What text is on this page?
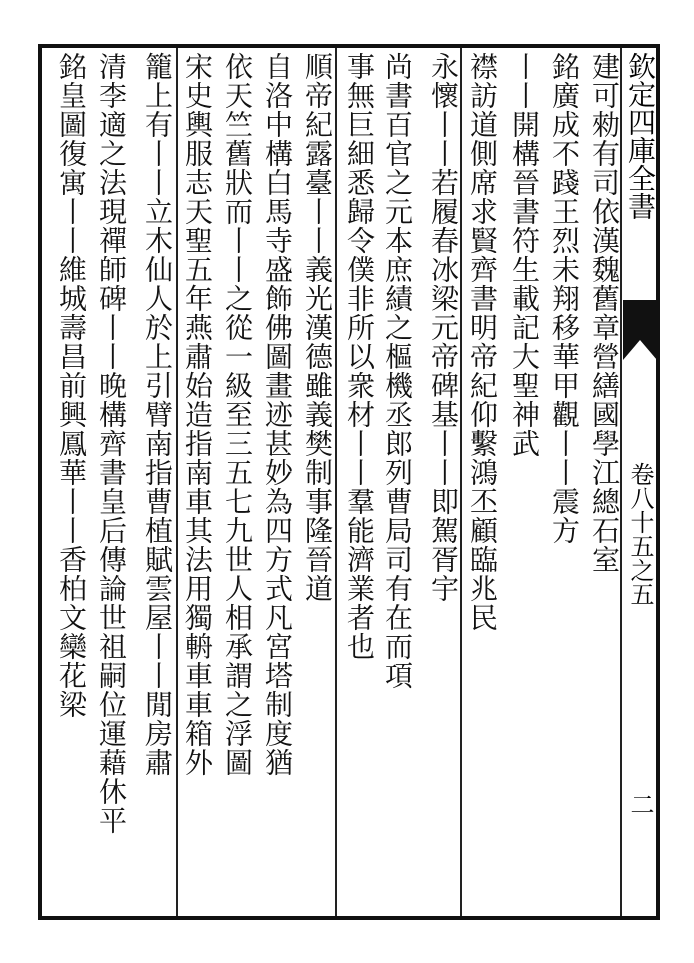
欽定四庫全書
卷八十五之五
二
建可勑有司依漢魏舊章營繕國學江總石室
銘廣成不踐王烈未翔移華甲觀丨丨震方
丨丨開構晉書符生載記大聖神武
襟訪道側席求賢齊書明帝紀仰繫鴻丕顧臨兆民
永懷丨丨若履春冰梁元帝碑基丨丨即駕胥宇
尚書百官之元本庶績之樞機丞郎列曹局司有在而項
事無巨細悉歸令僕非所以衆材丨丨羣能濟業者也
順帝紀露臺丨丨義光漢德雖義樊制事隆晉道
自洛中構白馬寺盛飾佛圖畫迹甚妙為四方式凡宮塔制度猶
依天竺舊狀而丨丨之從一級至三五七九世人相承謂之浮圖
宋史輿服志天聖五年燕肅始造指南車其法用獨輈車車箱外
籠上有丨丨立木仙人於上引臂南指曹植賦雲屋丨丨閒房肅
清李適之法現禪師碑丨丨晚構齊書皇后傳論世祖嗣位運藉休平
銘皇圖復寓丨丨維城壽昌前興鳳華丨丨香柏文欒花梁
